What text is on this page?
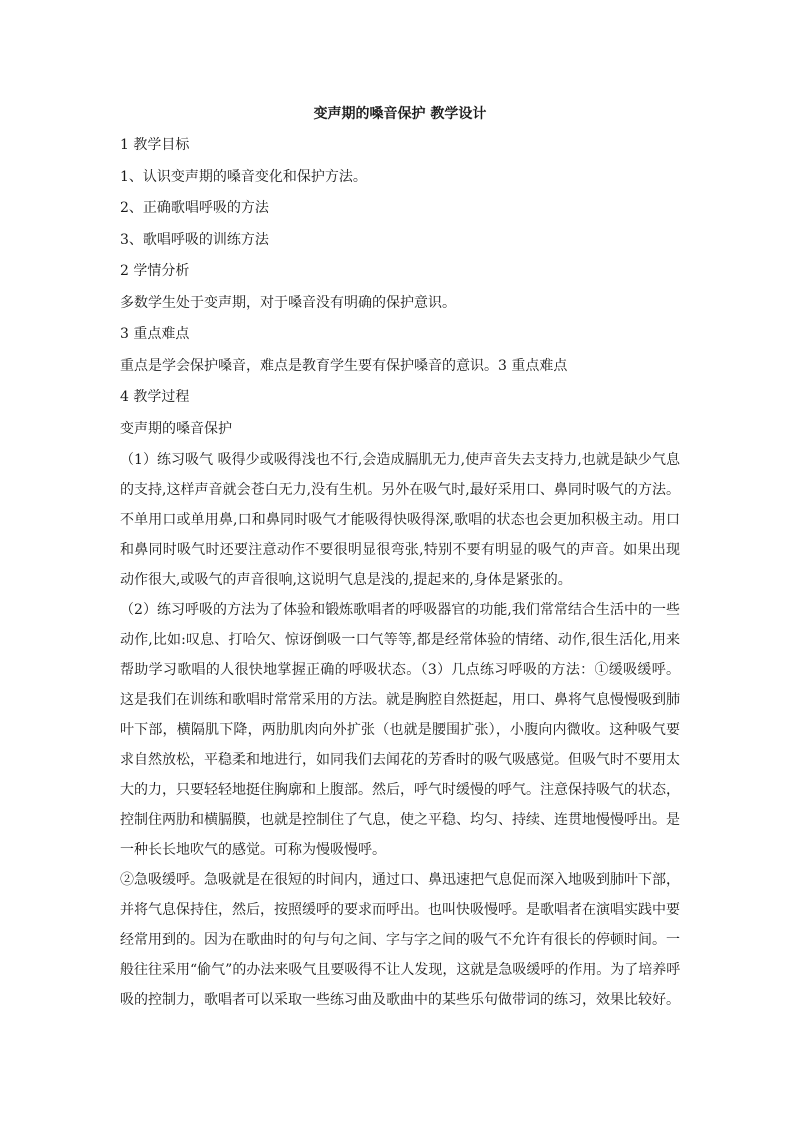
变声期的嗓音保护 教学设计
1 教学目标
1、认识变声期的嗓音变化和保护方法。
2、正确歌唱呼吸的方法
3、歌唱呼吸的训练方法
2 学情分析
多数学生处于变声期，对于嗓音没有明确的保护意识。
3 重点难点
重点是学会保护嗓音，难点是教育学生要有保护嗓音的意识。3 重点难点
4 教学过程
变声期的嗓音保护
（1）练习吸气 吸得少或吸得浅也不行,会造成膈肌无力,使声音失去支持力,也就是缺少气息
的支持,这样声音就会苍白无力,没有生机。另外在吸气时,最好采用口、鼻同时吸气的方法。
不单用口或单用鼻,口和鼻同时吸气才能吸得快吸得深,歌唱的状态也会更加积极主动。用口
和鼻同时吸气时还要注意动作不要很明显很弯张,特别不要有明显的吸气的声音。如果出现
动作很大,或吸气的声音很响,这说明气息是浅的,提起来的,身体是紧张的。
（2）练习呼吸的方法为了体验和锻炼歌唱者的呼吸器官的功能,我们常常结合生活中的一些
动作,比如:叹息、打哈欠、惊讶倒吸一口气等等,都是经常体验的情绪、动作,很生活化,用来
帮助学习歌唱的人很快地掌握正确的呼吸状态。（3）几点练习呼吸的方法：①缓吸缓呼。
这是我们在训练和歌唱时常常采用的方法。就是胸腔自然挺起，用口、鼻将气息慢慢吸到肺
叶下部，横隔肌下降，两肋肌肉向外扩张（也就是腰围扩张），小腹向内微收。这种吸气要
求自然放松，平稳柔和地进行，如同我们去闻花的芳香时的吸气吸感觉。但吸气时不要用太
大的力，只要轻轻地挺住胸廓和上腹部。然后，呼气时缓慢的呼气。注意保持吸气的状态，
控制住两肋和横膈膜，也就是控制住了气息，使之平稳、均匀、持续、连贯地慢慢呼出。是
一种长长地吹气的感觉。可称为慢吸慢呼。
②急吸缓呼。急吸就是在很短的时间内，通过口、鼻迅速把气息促而深入地吸到肺叶下部，
并将气息保持住，然后，按照缓呼的要求而呼出。也叫快吸慢呼。是歌唱者在演唱实践中要
经常用到的。因为在歌曲时的句与句之间、字与字之间的吸气不允许有很长的停顿时间。一
般往往采用“偷气”的办法来吸气且要吸得不让人发现，这就是急吸缓呼的作用。为了培养呼
吸的控制力，歌唱者可以采取一些练习曲及歌曲中的某些乐句做带词的练习，效果比较好。
